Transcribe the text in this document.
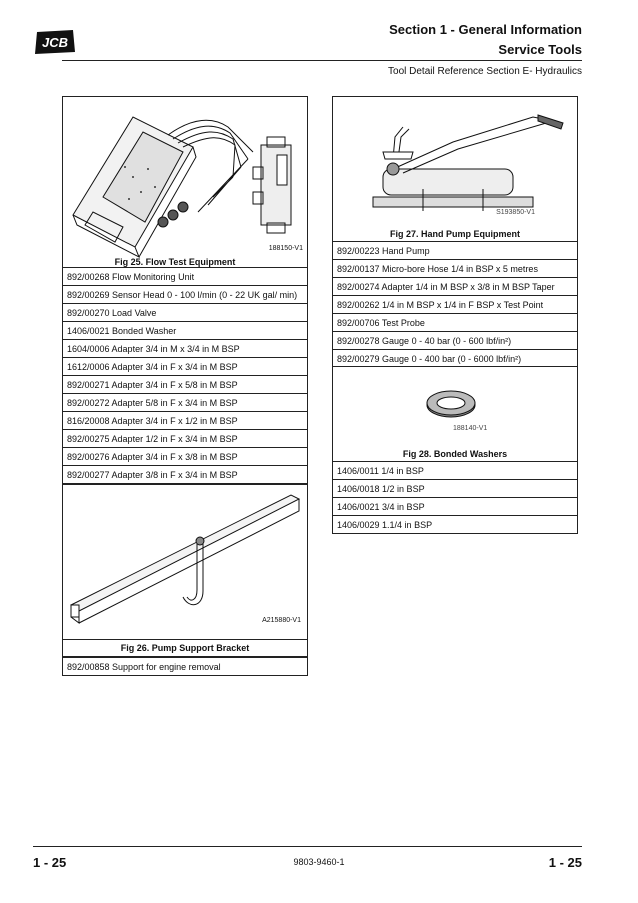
JCB
Section 1 - General Information
Service Tools
Tool Detail Reference Section E- Hydraulics
188150-V1
Fig 25. Flow Test Equipment
892/00268 Flow Monitoring Unit
892/00269 Sensor Head 0 - 100 l/min (0 - 22 UK gal/ min)
892/00270 Load Valve
1406/0021 Bonded Washer
1604/0006 Adapter 3/4 in M x 3/4 in M BSP
1612/0006 Adapter 3/4 in F x 3/4 in M BSP
892/00271 Adapter 3/4 in F x 5/8 in M BSP
892/00272 Adapter 5/8 in F x 3/4 in M BSP
816/20008 Adapter 3/4 in F x 1/2 in M BSP
892/00275 Adapter 1/2 in F x 3/4 in M BSP
892/00276 Adapter 3/4 in F x 3/8 in M BSP
892/00277 Adapter 3/8 in F x 3/4 in M BSP
A215880-V1
Fig 26. Pump Support Bracket
892/00858 Support for engine removal
S193850-V1
Fig 27. Hand Pump Equipment
892/00223 Hand Pump
892/00137 Micro-bore Hose 1/4 in BSP x 5 metres
892/00274 Adapter 1/4 in M BSP x 3/8 in M BSP Taper
892/00262 1/4 in M BSP x 1/4 in F BSP x Test Point
892/00706 Test Probe
892/00278 Gauge 0 - 40 bar (0 - 600 lbf/in²)
892/00279 Gauge 0 - 400 bar (0 - 6000 lbf/in²)
188140-V1
Fig 28. Bonded Washers
1406/0011 1/4 in BSP
1406/0018 1/2 in BSP
1406/0021 3/4 in BSP
1406/0029 1.1/4 in BSP
1 - 25	9803-9460-1	1 - 25
